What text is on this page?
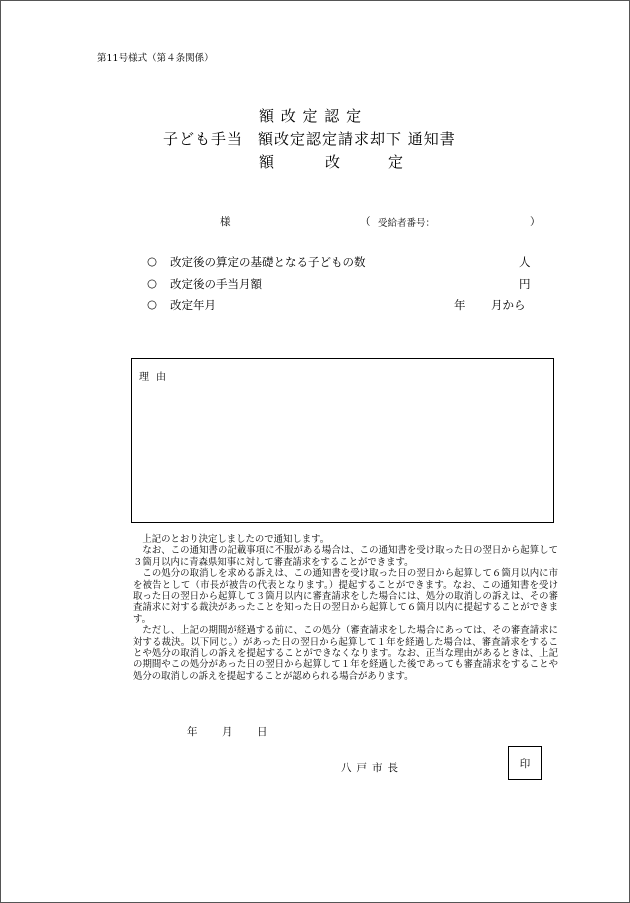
第11号様式（第４条関係）
額 改 定 認 定
子ども手当 額改定認定請求却下 通知書
額	改	定
様	（ 受給者番号：	）
○ 改定後の算定の基礎となる子どもの数	人
○ 改定後の手当月額	円
○ 改定年月	年 月から
理由

上記のとおり決定しましたので通知します。

なお、この通知書の記載事項に不服がある場合は、この通知書を受け取った日の翌日から起算して３箇月以内に青森県知事に対して審査請求をすることができます。

この処分の取消しを求める訴えは、この通知書を受け取った日の翌日から起算して６箇月以内に市を被告として（市長が被告の代表となります。）提起することができます。なお、この通知書を受け取った日の翌日から起算して３箇月以内に審査請求をした場合には、処分の取消しの訴えは、その審査請求に対する裁決があったことを知った日の翌日から起算して６箇月以内に提起することができます。

ただし、上記の期間が経過する前に、この処分（審査請求をした場合にあっては、その審査請求に対する裁決。以下同じ。）があった日の翌日から起算して１年を経過した場合は、審査請求をすることや処分の取消しの訴えを提起することができなくなります。なお、正当な理由があるときは、上記の期間やこの処分があった日の翌日から起算して１年を経過した後であっても審査請求をすることや処分の取消しの訴えを提起することが認められる場合があります。

年 月 日
八戸市長	印
